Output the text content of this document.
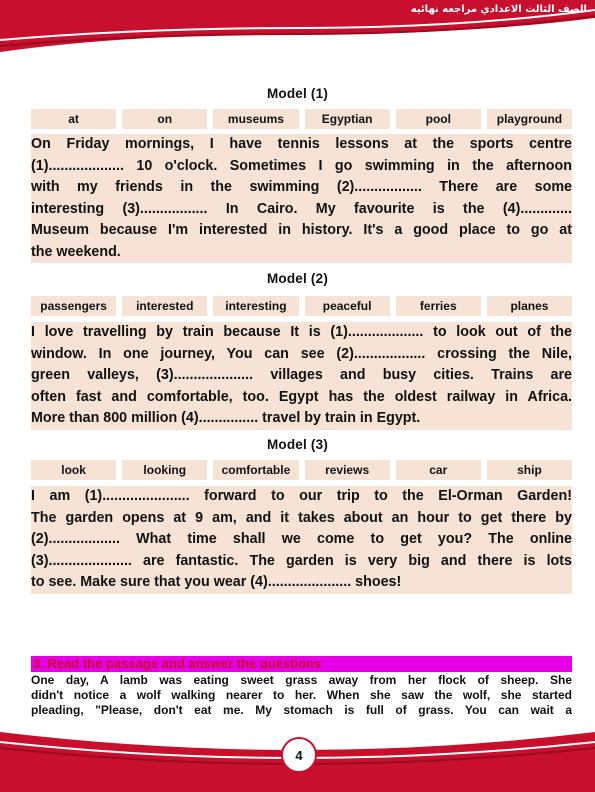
الصف الثالث الاعدادي مراجعه نهائيه
Model (1)
at	on	museums	Egyptian	pool	playground
On Friday mornings, I have tennis lessons at the sports centre
(1)................... 10 o'clock. Sometimes I go swimming in the afternoon
with my friends in the swimming (2)................. There are some
interesting (3)................. In Cairo. My favourite is the (4).............
Museum because I'm interested in history. It's a good place to go at
the weekend.
Model (2)
passengers	interested	interesting	peaceful	ferries	planes
I love travelling by train because It is (1)................... to look out of the
window. In one journey, You can see (2).................. crossing the Nile,
green valleys, (3).................... villages and busy cities. Trains are
often fast and comfortable, too. Egypt has the oldest railway in Africa.
More than 800 million (4)............... travel by train in Egypt.
Model (3)
look	looking	comfortable	reviews	car	ship
I am (1)...................... forward to our trip to the El-Orman Garden!
The garden opens at 9 am, and it takes about an hour to get there by
(2).................. What time shall we come to get you? The online
(3)..................... are fantastic. The garden is very big and there is lots
to see. Make sure that you wear (4)..................... shoes!
3. Read the passage and answer the questions
One day, A lamb was eating sweet grass away from her flock of sheep. She
didn't notice a wolf walking nearer to her. When she saw the wolf, she started
pleading, "Please, don't eat me. My stomach is full of grass. You can wait a
4
